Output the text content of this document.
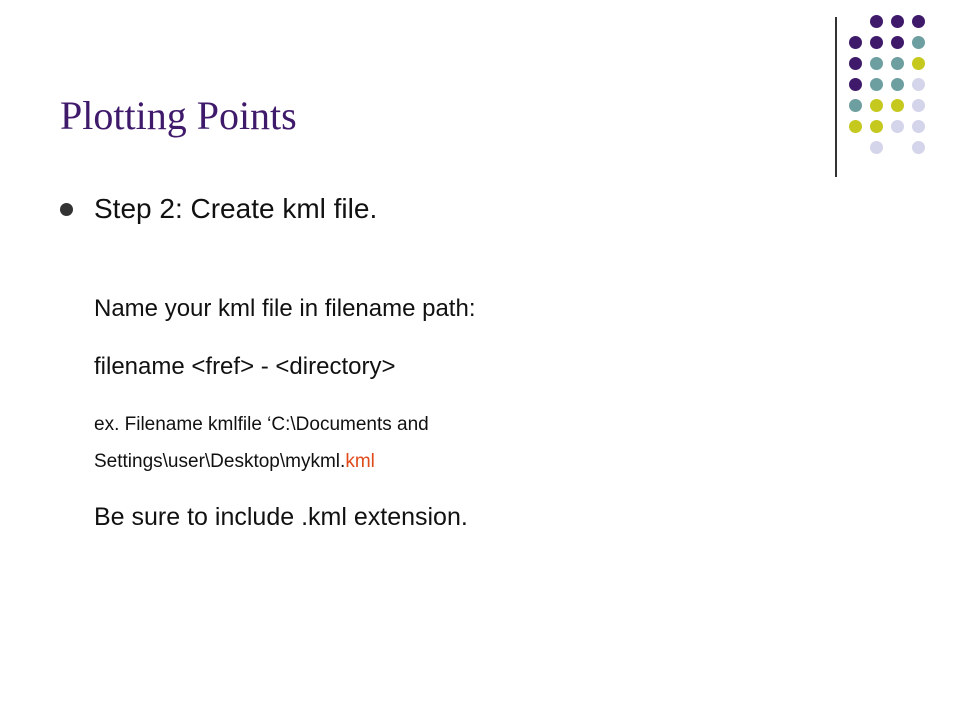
Plotting Points
Step 2: Create kml file.
Name your kml file in filename path:
filename <fref> - <directory>
ex. Filename kmlfile ‘C:\Documents and
Settings\user\Desktop\mykml.kml
Be sure to include .kml extension.
